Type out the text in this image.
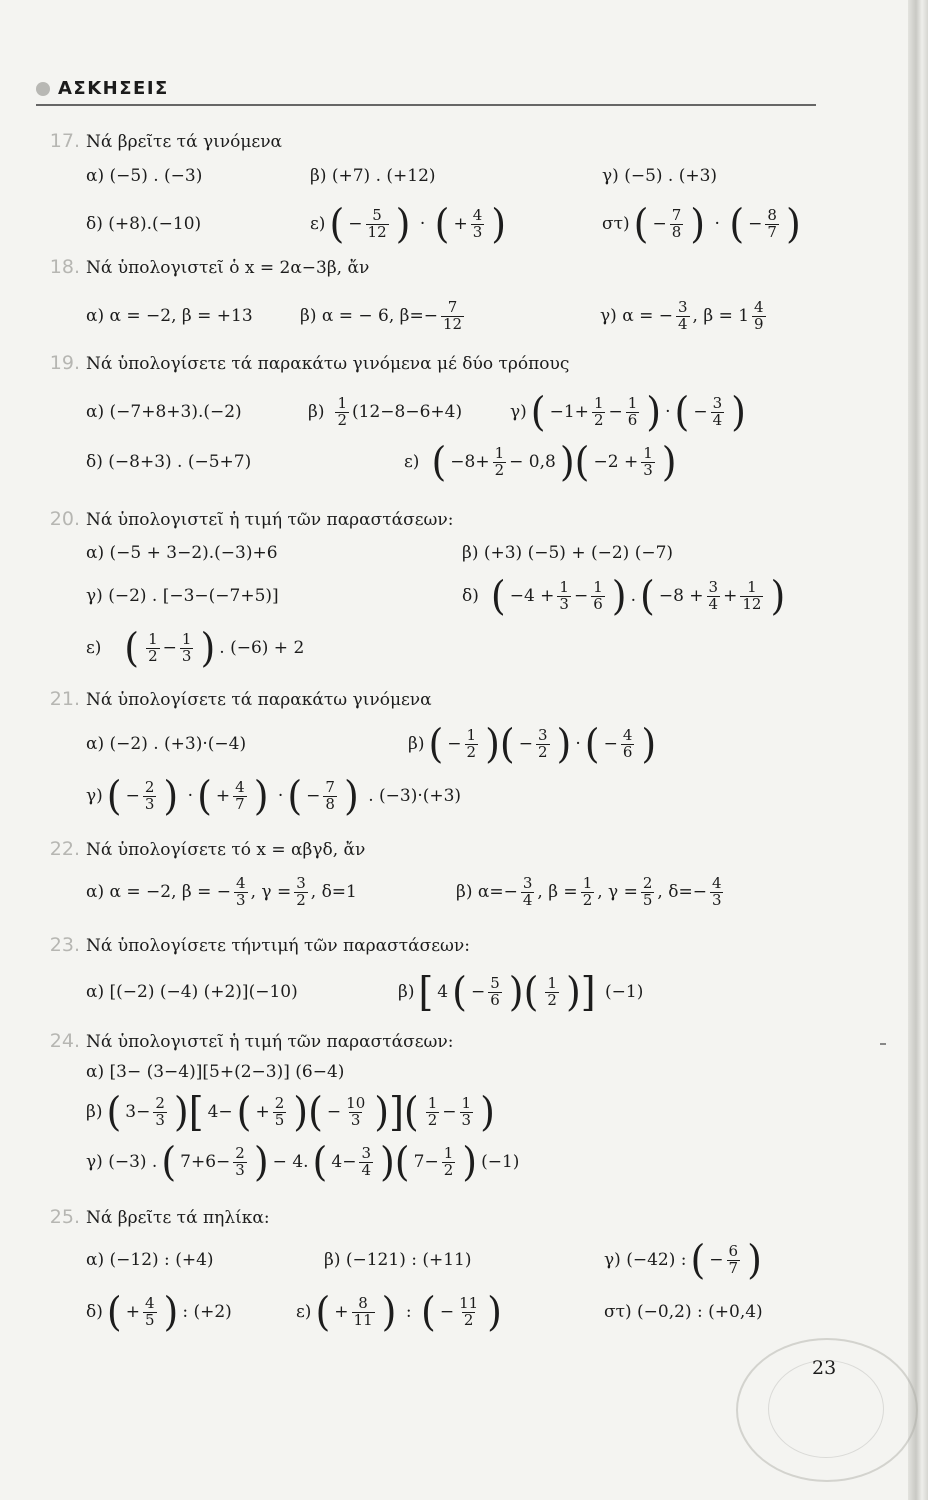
ΑΣΚΗΣΕΙΣ
17. Νά βρεῖτε τά γινόμενα
α) (−5) . (−3)	β) (+7) . (+12)	γ) (−5) . (+3)
δ) (+8).(−10)	ε) ( − $\frac{5}{12}$ ) · ( + $\frac{4}{3}$ )	στ) ( − $\frac{7}{8}$ ) · ( − $\frac{8}{7}$ )
18. Νά ὑπολογιστεῖ ὁ x = 2α−3β, ἄν
α) α = −2, β = +13	β) α = − 6, $\beta=- \frac{7}{12}$	γ) α = − $\frac{3}{4}$ , $\beta = 1 \frac{4}{9}$
19. Νά ὑπολογίσετε τά παρακάτω γινόμενα μέ δύο τρόπους
α) (−7+8+3).(−2)	$\beta) \frac{1}{2} (12-8-6+4)$	γ) ( $-1+ \frac{1}{2} - \frac{1}{6}$ ) · ( − $\frac{3}{4}$ )
δ) (−8+3) . (−5+7)	ε) ( $-8+ \frac{1}{2} - 0,8$ )( $-2 + \frac{1}{3}$ )
20. Νά ὑπολογιστεῖ ἡ τιμή τῶν παραστάσεων:
α) (−5 + 3−2).(−3)+6	β) (+3) (−5) + (−2) (−7)
γ) (−2) . [−3−(−7+5)]	δ) ( $-4 + \frac{1}{3} - \frac{1}{6}$ ) . ( $-8 + \frac{3}{4} + \frac{1}{12}$ )
ε)
( $\frac{1}{2} - \frac{1}{3}$ ) . (−6) + 2
21. Νά ὑπολογίσετε τά παρακάτω γινόμενα
α) (−2) . (+3)·(−4)	β) ( − $\frac{1}{2}$ )( − $\frac{3}{2}$ ) · ( − $\frac{4}{6}$ )
γ) ( − $\frac{2}{3}$ ) · ( + $\frac{4}{7}$ ) · ( − $\frac{7}{8}$ )
. (−3)·(+3)
22. Νά ὑπολογίσετε τό x = αβγδ, ἄν
α) α = −2, β = − $\frac{4}{3}$ , $\gamma = \frac{3}{2}$ , δ=1	β) $\alpha=- \frac{3}{4}$ , $\beta = \frac{1}{2}$ , $\gamma = \frac{2}{5}$ , $\delta=- \frac{4}{3}$
23. Νά ὑπολογίσετε τήντιμή τῶν παραστάσεων:
α) [(−2) (−4) (+2)](−10)	β) [ 4 ( − $\frac{5}{6}$ )( $\frac{1}{2}$ )]
(−1)
24. Νά ὑπολογιστεῖ ἡ τιμή τῶν παραστάσεων:
α) [3− (3−4)][5+(2−3)] (6−4)
β) ( $3- \frac{2}{3}$ )[ 4− ( + $\frac{2}{5}$ )( − $\frac{10}{3}$ )]( $\frac{1}{2} - \frac{1}{3}$ )
γ) (−3) . ( $7+6- \frac{2}{3}$ ) − 4. ( $4- \frac{3}{4}$ )( $7- \frac{1}{2}$ ) (−1)
25. Νά βρεῖτε τά πηλίκα:
α) (−12) : (+4)	β) (−121) : (+11)	γ) (−42) : ( − $\frac{6}{7}$ )
δ) ( + $\frac{4}{5}$ ) : (+2)	ε) ( + $\frac{8}{11}$ ) : ( − $\frac{11}{2}$ )	στ) (−0,2) : (+0,4)
23
